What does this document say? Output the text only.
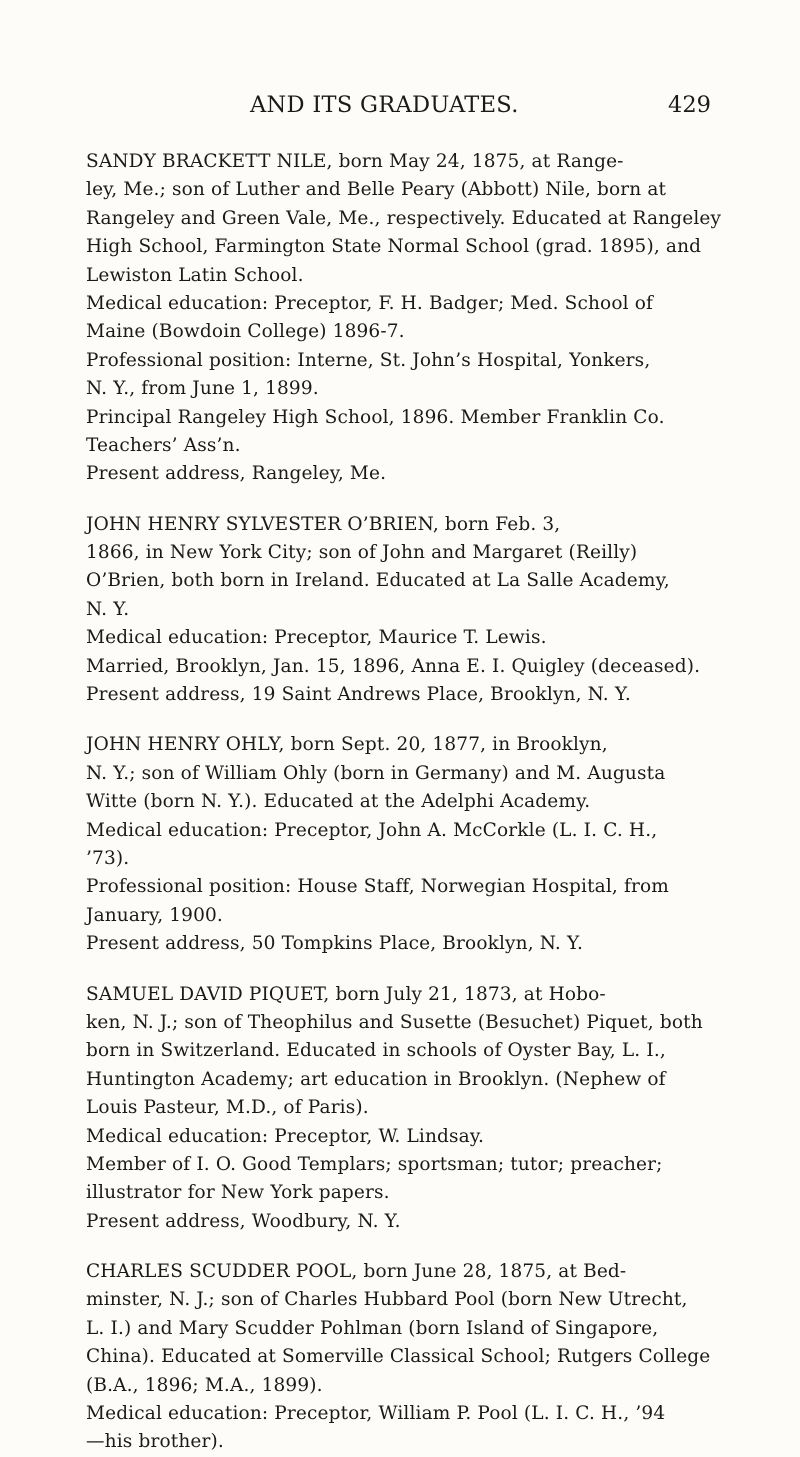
AND ITS GRADUATES.	429
SANDY BRACKETT NILE, born May 24, 1875, at Range-
ley, Me.; son of Luther and Belle Peary (Abbott) Nile, born at
Rangeley and Green Vale, Me., respectively. Educated at Rangeley
High School, Farmington State Normal School (grad. 1895), and
Lewiston Latin School.
Medical education: Preceptor, F. H. Badger; Med. School of
Maine (Bowdoin College) 1896-7.
Professional position: Interne, St. John’s Hospital, Yonkers,
N. Y., from June 1, 1899.
Principal Rangeley High School, 1896. Member Franklin Co.
Teachers’ Ass’n.
Present address, Rangeley, Me.
JOHN HENRY SYLVESTER O’BRIEN, born Feb. 3,
1866, in New York City; son of John and Margaret (Reilly)
O’Brien, both born in Ireland. Educated at La Salle Academy,
N. Y.
Medical education: Preceptor, Maurice T. Lewis.
Married, Brooklyn, Jan. 15, 1896, Anna E. I. Quigley (deceased).
Present address, 19 Saint Andrews Place, Brooklyn, N. Y.
JOHN HENRY OHLY, born Sept. 20, 1877, in Brooklyn,
N. Y.; son of William Ohly (born in Germany) and M. Augusta
Witte (born N. Y.). Educated at the Adelphi Academy.
Medical education: Preceptor, John A. McCorkle (L. I. C. H.,
’73).
Professional position: House Staff, Norwegian Hospital, from
January, 1900.
Present address, 50 Tompkins Place, Brooklyn, N. Y.
SAMUEL DAVID PIQUET, born July 21, 1873, at Hobo-
ken, N. J.; son of Theophilus and Susette (Besuchet) Piquet, both
born in Switzerland. Educated in schools of Oyster Bay, L. I.,
Huntington Academy; art education in Brooklyn. (Nephew of
Louis Pasteur, M.D., of Paris).
Medical education: Preceptor, W. Lindsay.
Member of I. O. Good Templars; sportsman; tutor; preacher;
illustrator for New York papers.
Present address, Woodbury, N. Y.
CHARLES SCUDDER POOL, born June 28, 1875, at Bed-
minster, N. J.; son of Charles Hubbard Pool (born New Utrecht,
L. I.) and Mary Scudder Pohlman (born Island of Singapore,
China). Educated at Somerville Classical School; Rutgers College
(B.A., 1896; M.A., 1899).
Medical education: Preceptor, William P. Pool (L. I. C. H., ’94
—his brother).
